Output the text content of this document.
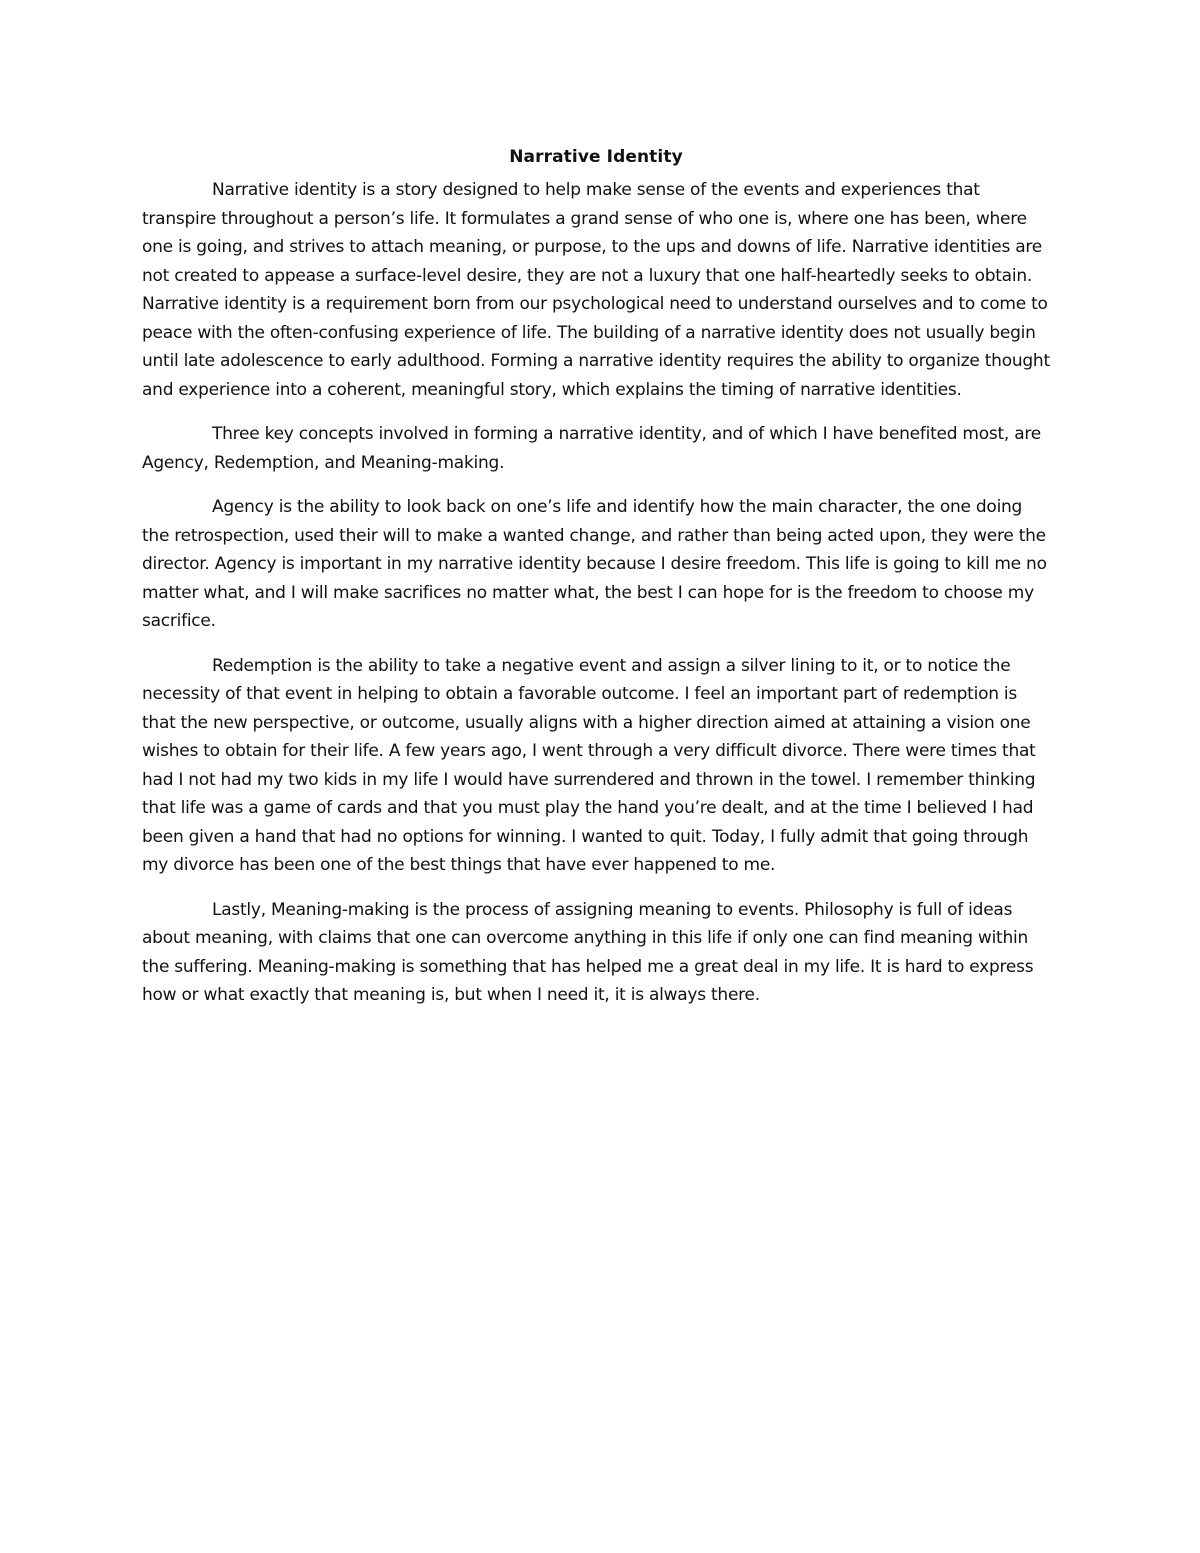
Narrative Identity

Narrative identity is a story designed to help make sense of the events and experiences that transpire throughout a person’s life. It formulates a grand sense of who one is, where one has been, where one is going, and strives to attach meaning, or purpose, to the ups and downs of life. Narrative identities are not created to appease a surface-level desire, they are not a luxury that one half-heartedly seeks to obtain. Narrative identity is a requirement born from our psychological need to understand ourselves and to come to peace with the often-confusing experience of life. The building of a narrative identity does not usually begin until late adolescence to early adulthood. Forming a narrative identity requires the ability to organize thought and experience into a coherent, meaningful story, which explains the timing of narrative identities.

Three key concepts involved in forming a narrative identity, and of which I have benefited most, are Agency, Redemption, and Meaning-making.

Agency is the ability to look back on one’s life and identify how the main character, the one doing the retrospection, used their will to make a wanted change, and rather than being acted upon, they were the director. Agency is important in my narrative identity because I desire freedom. This life is going to kill me no matter what, and I will make sacrifices no matter what, the best I can hope for is the freedom to choose my sacrifice.

Redemption is the ability to take a negative event and assign a silver lining to it, or to notice the necessity of that event in helping to obtain a favorable outcome. I feel an important part of redemption is that the new perspective, or outcome, usually aligns with a higher direction aimed at attaining a vision one wishes to obtain for their life. A few years ago, I went through a very difficult divorce. There were times that had I not had my two kids in my life I would have surrendered and thrown in the towel. I remember thinking that life was a game of cards and that you must play the hand you’re dealt, and at the time I believed I had been given a hand that had no options for winning. I wanted to quit. Today, I fully admit that going through my divorce has been one of the best things that have ever happened to me.

Lastly, Meaning-making is the process of assigning meaning to events. Philosophy is full of ideas about meaning, with claims that one can overcome anything in this life if only one can find meaning within the suffering. Meaning-making is something that has helped me a great deal in my life. It is hard to express how or what exactly that meaning is, but when I need it, it is always there.
